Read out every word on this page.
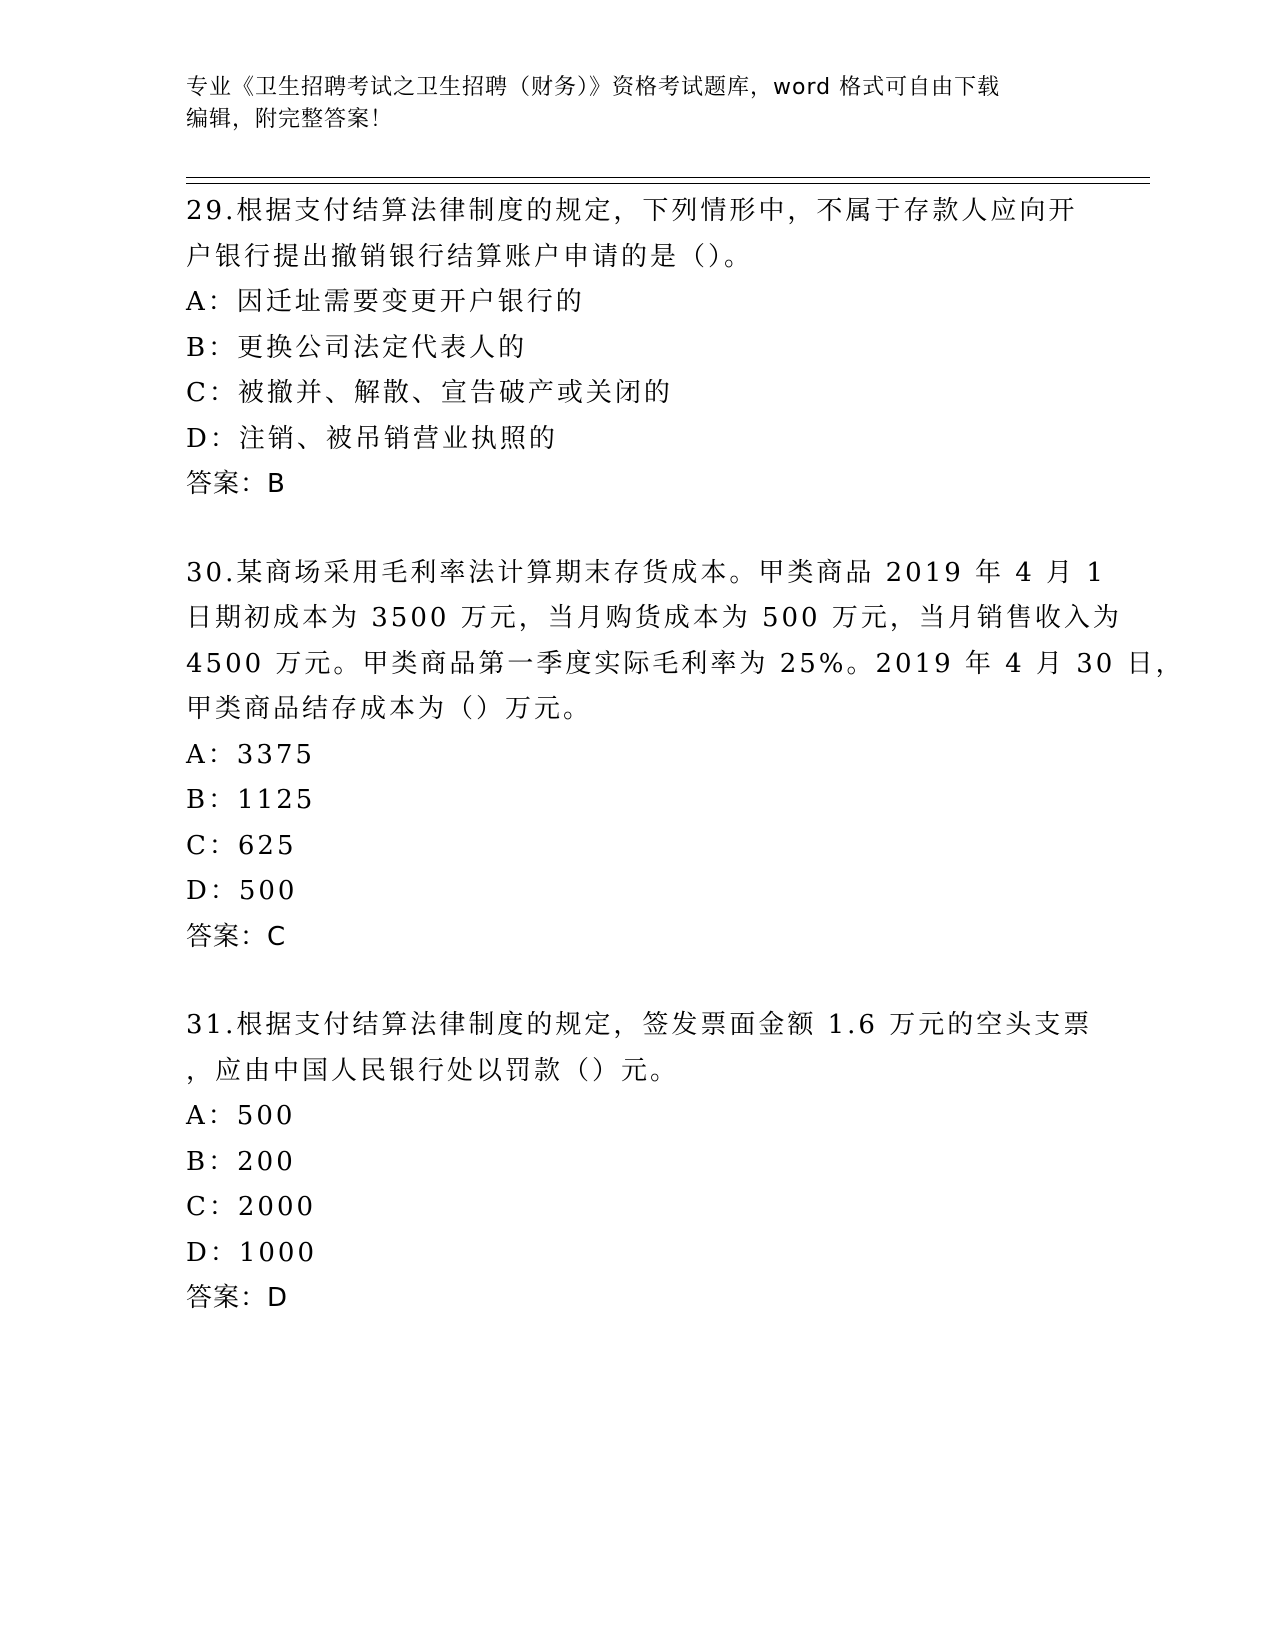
专业《卫生招聘考试之卫生招聘（财务）》资格考试题库，word 格式可自由下载
编辑，附完整答案！
29.根据支付结算法律制度的规定，下列情形中，不属于存款人应向开
户银行提出撤销银行结算账户申请的是（）。
A：因迁址需要变更开户银行的
B：更换公司法定代表人的
C：被撤并、解散、宣告破产或关闭的
D：注销、被吊销营业执照的
答案：B
30.某商场采用毛利率法计算期末存货成本。甲类商品 2019 年 4 月 1
日期初成本为 3500 万元，当月购货成本为 500 万元，当月销售收入为
4500 万元。甲类商品第一季度实际毛利率为 25%。2019 年 4 月 30 日，
甲类商品结存成本为（）万元。
A：3375
B：1125
C：625
D：500
答案：C
31.根据支付结算法律制度的规定，签发票面金额 1.6 万元的空头支票
，应由中国人民银行处以罚款（）元。
A：500
B：200
C：2000
D：1000
答案：D
